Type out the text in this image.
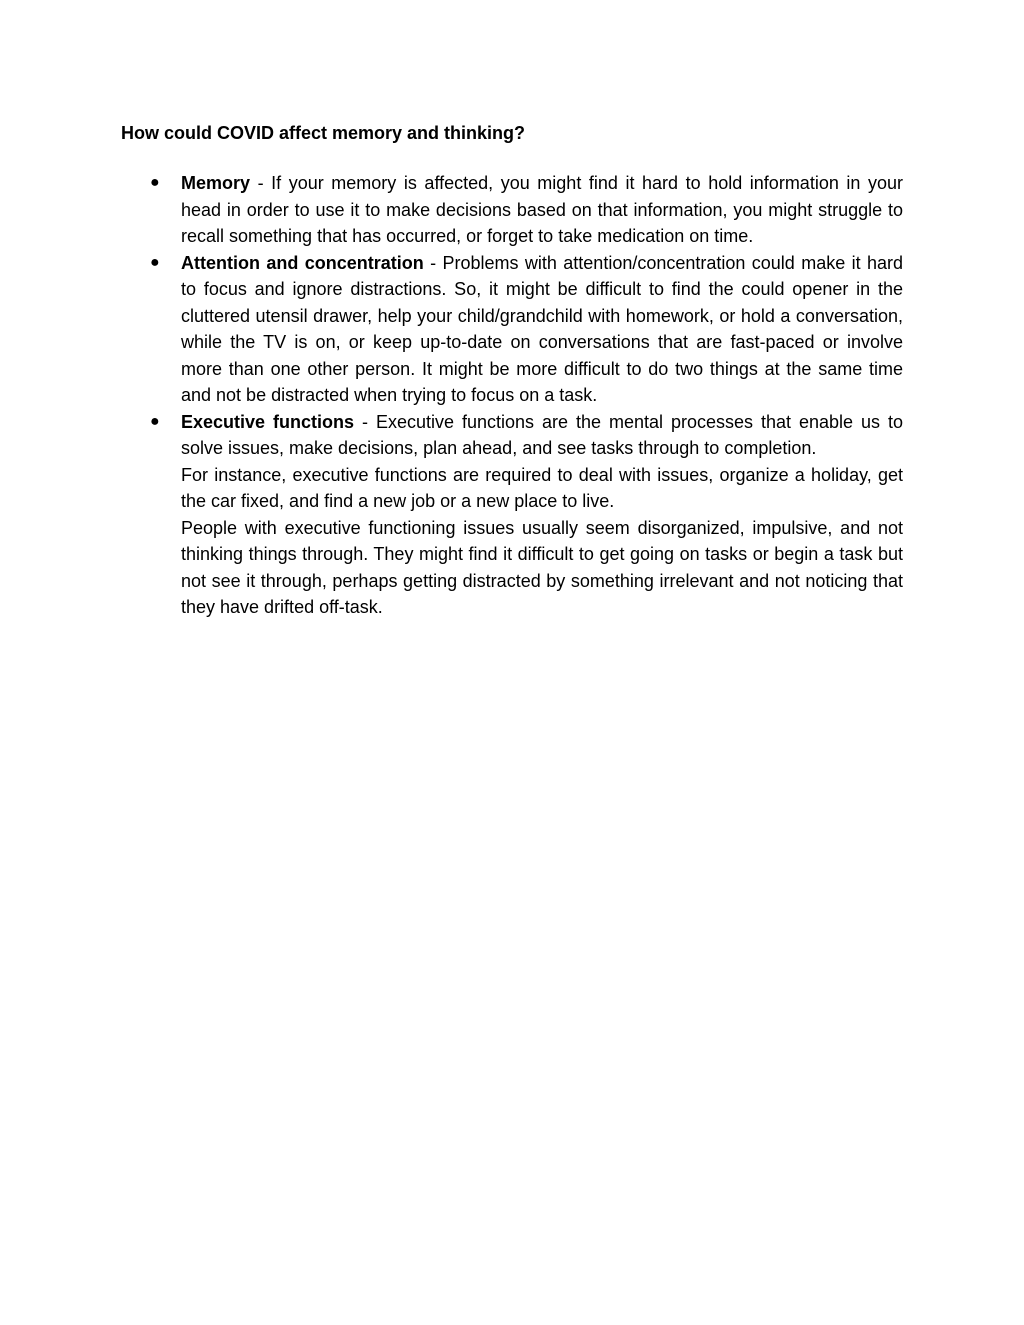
How could COVID affect memory and thinking?
● Memory - If your memory is affected, you might find it hard to hold information in your head in order to use it to make decisions based on that information, you might struggle to recall something that has occurred, or forget to take medication on time.

● Attention and concentration - Problems with attention/concentration could make it hard to focus and ignore distractions. So, it might be difficult to find the could opener in the cluttered utensil drawer, help your child/grandchild with homework, or hold a conversation, while the TV is on, or keep up-to-date on conversations that are fast-paced or involve more than one other person. It might be more difficult to do two things at the same time and not be distracted when trying to focus on a task.

● Executive functions - Executive functions are the mental processes that enable us to solve issues, make decisions, plan ahead, and see tasks through to completion.

For instance, executive functions are required to deal with issues, organize a holiday, get the car fixed, and find a new job or a new place to live.

People with executive functioning issues usually seem disorganized, impulsive, and not thinking things through. They might find it difficult to get going on tasks or begin a task but not see it through, perhaps getting distracted by something irrelevant and not noticing that they have drifted off-task.
